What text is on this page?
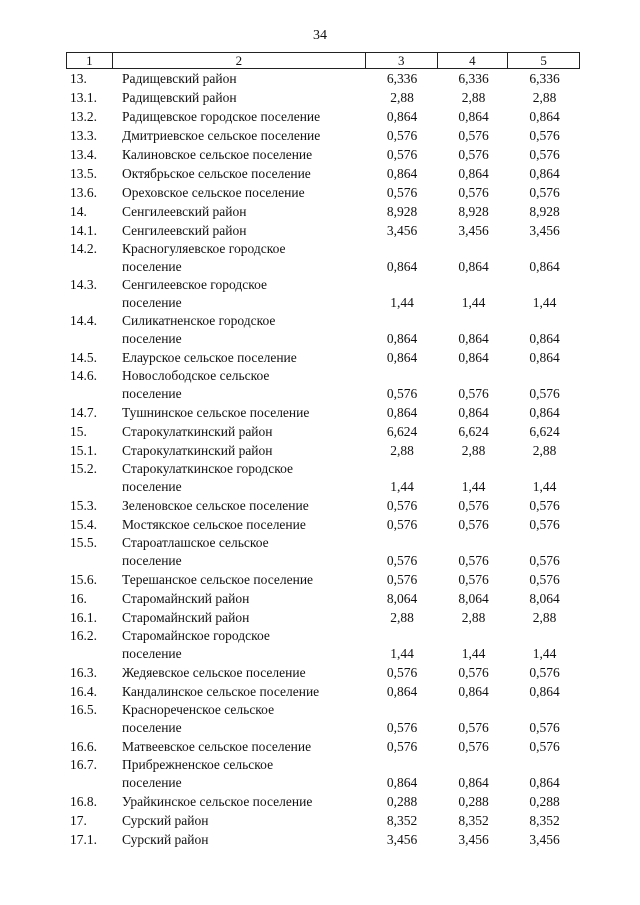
34
1	2	3	4	5
13.	Радищевский район	6,336	6,336	6,336
13.1.	Радищевский район	2,88	2,88	2,88
13.2.	Радищевское городское поселение	0,864	0,864	0,864
13.3.	Дмитриевское сельское поселение	0,576	0,576	0,576
13.4.	Калиновское сельское поселение	0,576	0,576	0,576
13.5.	Октябрьское сельское поселение	0,864	0,864	0,864
13.6.	Ореховское сельское поселение	0,576	0,576	0,576
14.	Сенгилеевский район	8,928	8,928	8,928
14.1.	Сенгилеевский район	3,456	3,456	3,456
14.2.	Красногуляевское городское
поселение	0,864	0,864	0,864
14.3.	Сенгилеевское городское
поселение	1,44	1,44	1,44
14.4.	Силикатненское городское
поселение	0,864	0,864	0,864
14.5.	Елаурское сельское поселение	0,864	0,864	0,864
14.6.	Новослободское сельское
поселение	0,576	0,576	0,576
14.7.	Тушнинское сельское поселение	0,864	0,864	0,864
15.	Старокулаткинский район	6,624	6,624	6,624
15.1.	Старокулаткинский район	2,88	2,88	2,88
15.2.	Старокулаткинское городское
поселение	1,44	1,44	1,44
15.3.	Зеленовское сельское поселение	0,576	0,576	0,576
15.4.	Мостякское сельское поселение	0,576	0,576	0,576
15.5.	Староатлашское сельское
поселение	0,576	0,576	0,576
15.6.	Терешанское сельское поселение	0,576	0,576	0,576
16.	Старомайнский район	8,064	8,064	8,064
16.1.	Старомайнский район	2,88	2,88	2,88
16.2.	Старомайнское городское
поселение	1,44	1,44	1,44
16.3.	Жедяевское сельское поселение	0,576	0,576	0,576
16.4.	Кандалинское сельское поселение	0,864	0,864	0,864
16.5.	Краснореченское сельское
поселение	0,576	0,576	0,576
16.6.	Матвеевское сельское поселение	0,576	0,576	0,576
16.7.	Прибрежненское сельское
поселение	0,864	0,864	0,864
16.8.	Урайкинское сельское поселение	0,288	0,288	0,288
17.	Сурский район	8,352	8,352	8,352
17.1.	Сурский район	3,456	3,456	3,456
